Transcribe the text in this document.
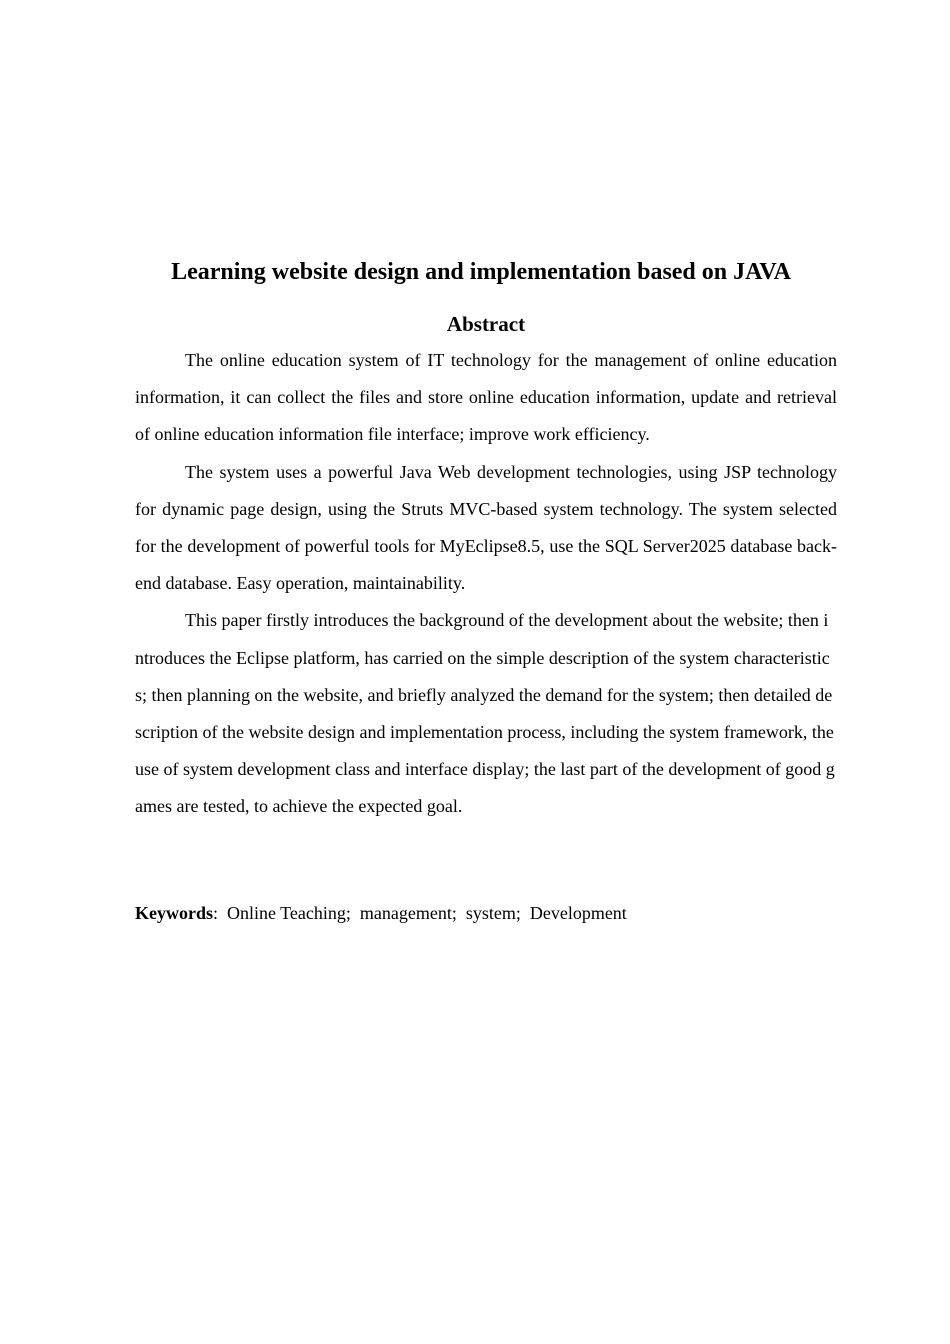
Learning website design and implementation based on JAVA
Abstract

The online education system of IT technology for the management of online education information, it can collect the files and store online education information, update and retrieval of online education information file interface; improve work efficiency.

The system uses a powerful Java Web development technologies, using JSP technology for dynamic page design, using the Struts MVC-based system technology. The system selected for the development of powerful tools for MyEclipse8.5, use the SQL Server2025 database back-end database. Easy operation, maintainability.

This paper firstly introduces the background of the development about the website; then introduces the Eclipse platform, has carried on the simple description of the system characteristics; then planning on the website, and briefly analyzed the demand for the system; then detailed description of the website design and implementation process, including the system framework, the use of system development class and interface display; the last part of the development of good games are tested, to achieve the expected goal.

Keywords:  Online Teaching;  management;  system;  Development
